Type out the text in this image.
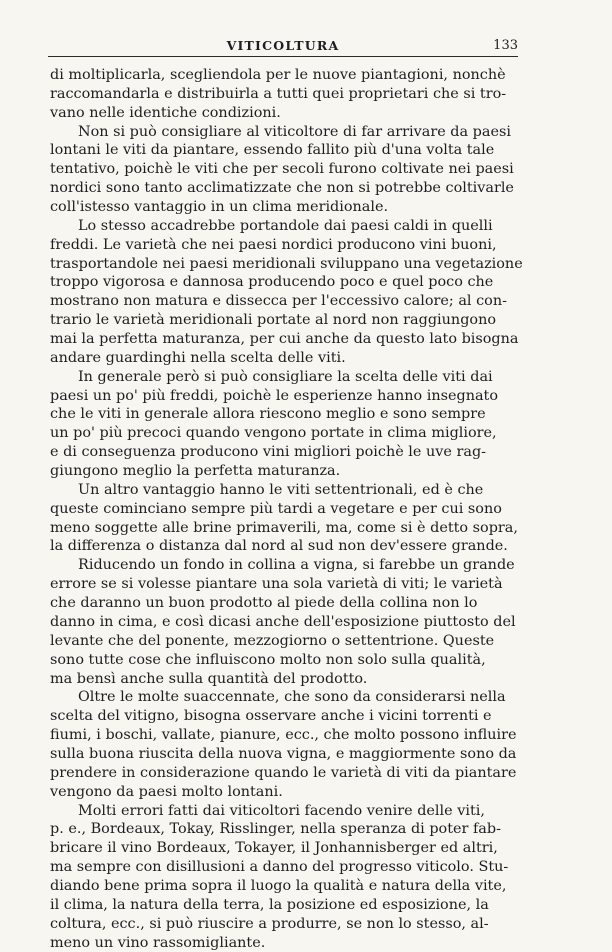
VITICOLTURA	133
di moltiplicarla, scegliendola per le nuove piantagioni, nonchè
raccomandarla e distribuirla a tutti quei proprietari che si tro-
vano nelle identiche condizioni.
Non si può consigliare al viticoltore di far arrivare da paesi
lontani le viti da piantare, essendo fallito più d'una volta tale
tentativo, poichè le viti che per secoli furono coltivate nei paesi
nordici sono tanto acclimatizzate che non si potrebbe coltivarle
coll'istesso vantaggio in un clima meridionale.
Lo stesso accadrebbe portandole dai paesi caldi in quelli
freddi. Le varietà che nei paesi nordici producono vini buoni,
trasportandole nei paesi meridionali sviluppano una vegetazione
troppo vigorosa e dannosa producendo poco e quel poco che
mostrano non matura e dissecca per l'eccessivo calore; al con-
trario le varietà meridionali portate al nord non raggiungono
mai la perfetta maturanza, per cui anche da questo lato bisogna
andare guardinghi nella scelta delle viti.
In generale però si può consigliare la scelta delle viti dai
paesi un po' più freddi, poichè le esperienze hanno insegnato
che le viti in generale allora riescono meglio e sono sempre
un po' più precoci quando vengono portate in clima migliore,
e di conseguenza producono vini migliori poichè le uve rag-
giungono meglio la perfetta maturanza.
Un altro vantaggio hanno le viti settentrionali, ed è che
queste cominciano sempre più tardi a vegetare e per cui sono
meno soggette alle brine primaverili, ma, come si è detto sopra,
la differenza o distanza dal nord al sud non dev'essere grande.
Riducendo un fondo in collina a vigna, si farebbe un grande
errore se si volesse piantare una sola varietà di viti; le varietà
che daranno un buon prodotto al piede della collina non lo
danno in cima, e così dicasi anche dell'esposizione piuttosto del
levante che del ponente, mezzogiorno o settentrione. Queste
sono tutte cose che influiscono molto non solo sulla qualità,
ma bensì anche sulla quantità del prodotto.
Oltre le molte suaccennate, che sono da considerarsi nella
scelta del vitigno, bisogna osservare anche i vicini torrenti e
fiumi, i boschi, vallate, pianure, ecc., che molto possono influire
sulla buona riuscita della nuova vigna, e maggiormente sono da
prendere in considerazione quando le varietà di viti da piantare
vengono da paesi molto lontani.
Molti errori fatti dai viticoltori facendo venire delle viti,
p. e., Bordeaux, Tokay, Risslinger, nella speranza di poter fab-
bricare il vino Bordeaux, Tokayer, il Jonhannisberger ed altri,
ma sempre con disillusioni a danno del progresso viticolo. Stu-
diando bene prima sopra il luogo la qualità e natura della vite,
il clima, la natura della terra, la posizione ed esposizione, la
coltura, ecc., si può riuscire a produrre, se non lo stesso, al-
meno un vino rassomigliante.
